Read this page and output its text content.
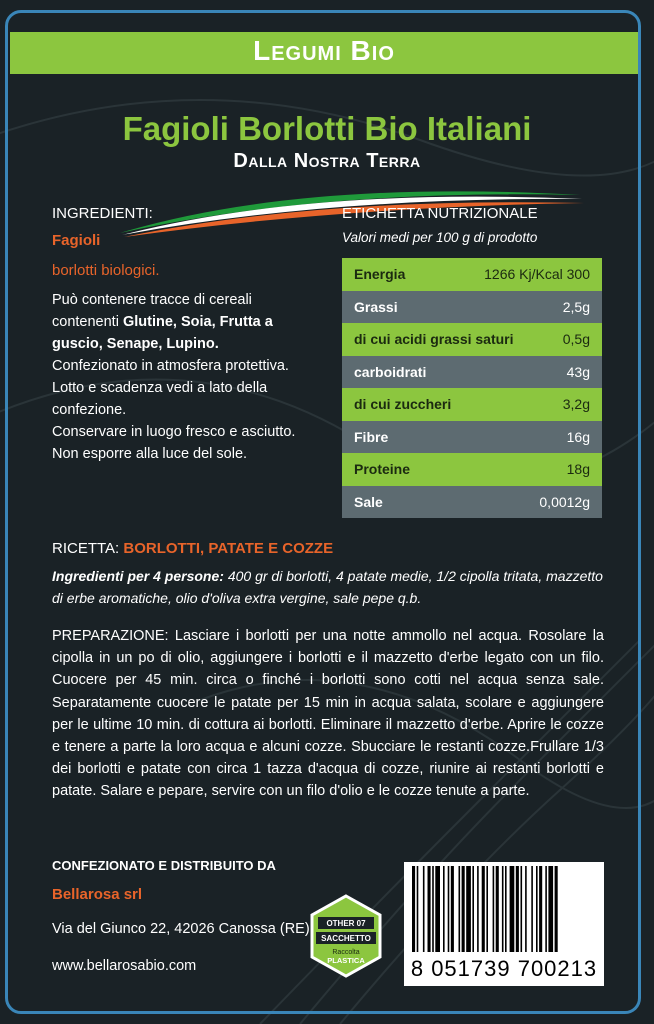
Legumi Bio
Fagioli Borlotti Bio Italiani
Dalla Nostra Terra
INGREDIENTI:
Fagioli
borlotti biologici.

Può contenere tracce di cereali contenenti Glutine, Soia, Frutta a guscio, Senape, Lupino.

Confezionato in atmosfera protettiva.

Lotto e scadenza vedi a lato della confezione.

Conservare in luogo fresco e asciutto.

Non esporre alla luce del sole.

ETICHETTA NUTRIZIONALE
Valori medi per 100 g di prodotto
Energia	1266 Kj/Kcal 300
Grassi	2,5g
di cui acidi grassi saturi	0,5g
carboidrati	43g
di cui zuccheri	3,2g
Fibre	16g
Proteine	18g
Sale	0,0012g
RICETTA: BORLOTTI, PATATE E COZZE
Ingredienti per 4 persone: 400 gr di borlotti, 4 patate medie, 1/2 cipolla tritata, mazzetto di erbe aromatiche, olio d'oliva extra vergine, sale pepe q.b.
PREPARAZIONE: Lasciare i borlotti per una notte ammollo nel acqua. Rosolare la cipolla in un po di olio, aggiungere i borlotti e il mazzetto d'erbe legato con un filo. Cuocere per 45 min. circa o finché i borlotti sono cotti nel acqua senza sale. Separatamente cuocere le patate per 15 min in acqua salata, scolare e aggiungere per le ultime 10 min. di cottura ai borlotti. Eliminare il mazzetto d'erbe. Aprire le cozze e tenere a parte la loro acqua e alcuni cozze. Sbucciare le restanti cozze.Frullare 1/3 dei borlotti e patate con circa 1 tazza d'acqua di cozze, riunire ai restanti borlotti e patate. Salare e pepare, servire con un filo d'olio e le cozze tenute a parte.
CONFEZIONATO E DISTRIBUITO DA
Bellarosa srl
Via del Giunco 22, 42026 Canossa (RE)
www.bellarosabio.com
OTHER 07
SACCHETTO
Raccolta
PLASTICA	8 051739 700213
